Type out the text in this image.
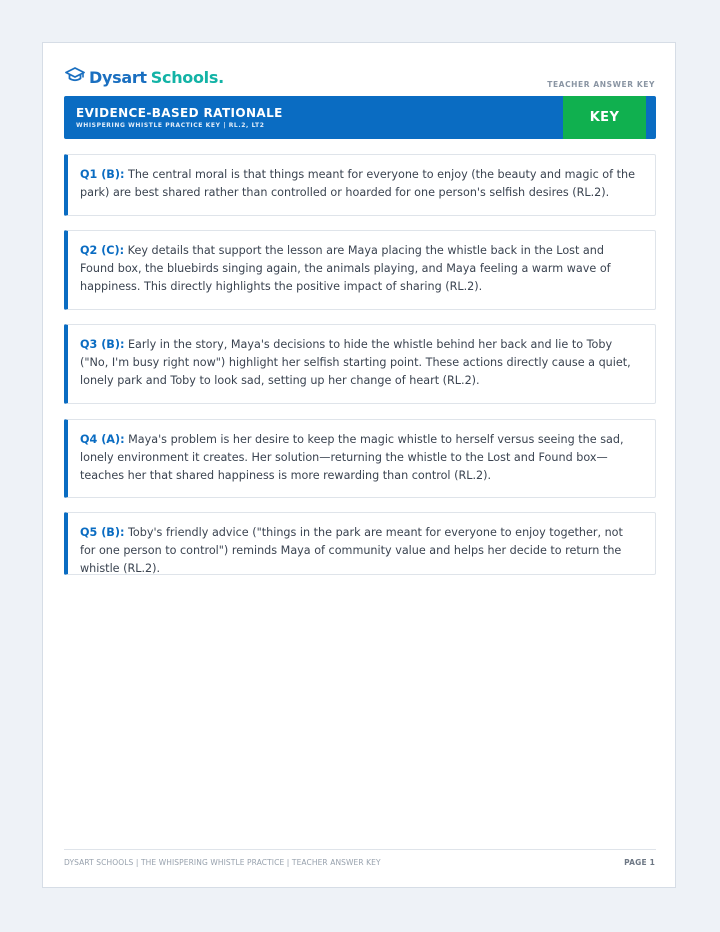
Dysart Schools.	TEACHER ANSWER KEY
EVIDENCE-BASED RATIONALE
WHISPERING WHISTLE PRACTICE KEY | RL.2, LT2
KEY
Q1 (B): The central moral is that things meant for everyone to enjoy (the beauty and magic of the park) are best shared rather than controlled or hoarded for one person's selfish desires (RL.2).
Q2 (C): Key details that support the lesson are Maya placing the whistle back in the Lost and Found box, the bluebirds singing again, the animals playing, and Maya feeling a warm wave of happiness. This directly highlights the positive impact of sharing (RL.2).
Q3 (B): Early in the story, Maya's decisions to hide the whistle behind her back and lie to Toby ("No, I'm busy right now") highlight her selfish starting point. These actions directly cause a quiet, lonely park and Toby to look sad, setting up her change of heart (RL.2).
Q4 (A): Maya's problem is her desire to keep the magic whistle to herself versus seeing the sad, lonely environment it creates. Her solution—returning the whistle to the Lost and Found box—teaches her that shared happiness is more rewarding than control (RL.2).
Q5 (B): Toby's friendly advice ("things in the park are meant for everyone to enjoy together, not for one person to control") reminds Maya of community value and helps her decide to return the whistle (RL.2).
DYSART SCHOOLS | THE WHISPERING WHISTLE PRACTICE | TEACHER ANSWER KEY	PAGE 1
